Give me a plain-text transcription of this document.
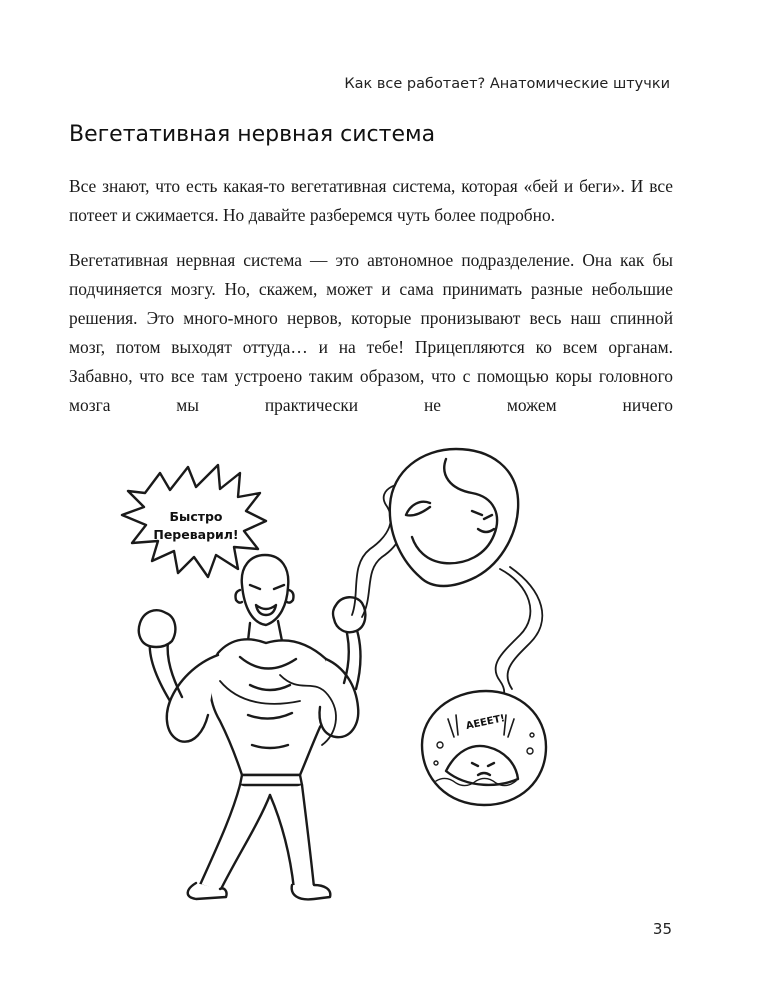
Как все работает? Анатомические штучки
Вегетативная нервная система

Все знают, что есть какая-то вегетативная система, которая «бей и беги». И все потеет и сжимается. Но давайте разберемся чуть более подробно.

Вегетативная нервная система — это автономное подразделение. Она как бы подчиняется мозгу. Но, скажем, может и сама принимать разные небольшие решения. Это много-много нервов, которые пронизывают весь наш спинной мозг, потом выходят оттуда… и на тебе! Прицепляются ко всем органам. Забавно, что все там устроено таким образом, что с помощью коры головного мозга мы практически не можем ничего

Быстро
Переварил!
АЕЕЕТ!
35
